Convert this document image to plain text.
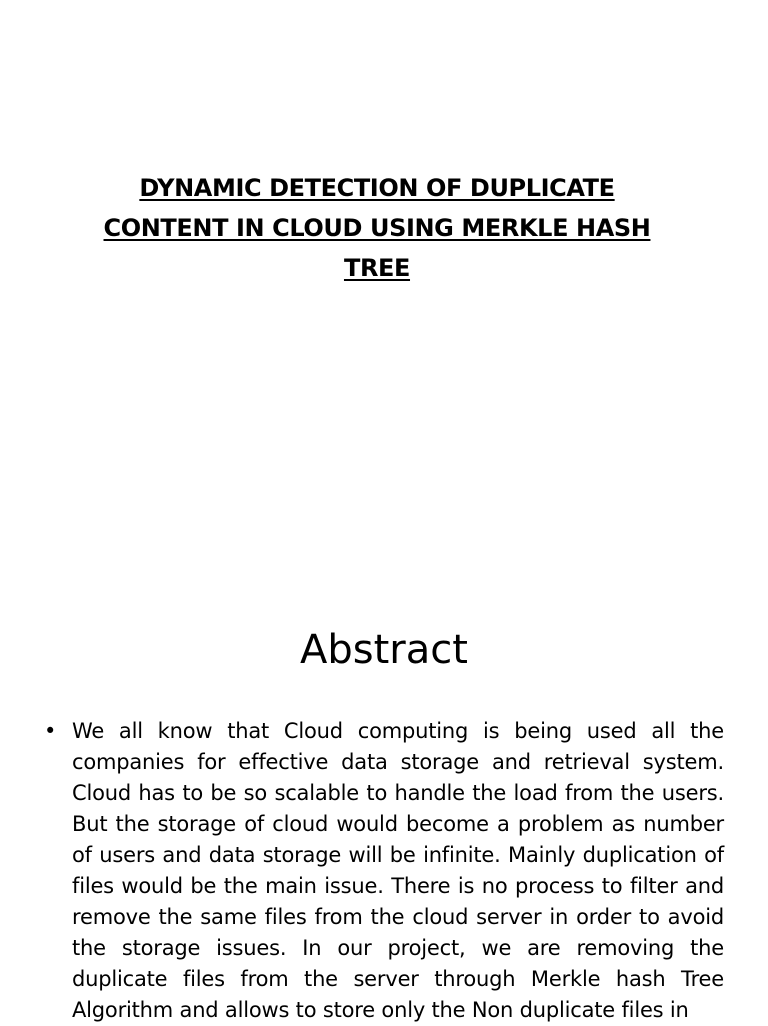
DYNAMIC DETECTION OF DUPLICATE CONTENT IN CLOUD USING MERKLE HASH TREE
Abstract
• We all know that Cloud computing is being used all the companies for effective data storage and retrieval system. Cloud has to be so scalable to handle the load from the users. But the storage of cloud would become a problem as number of users and data storage will be infinite. Mainly duplication of files would be the main issue. There is no process to filter and remove the same files from the cloud server in order to avoid the storage issues. In our project, we are removing the duplicate files from the server through Merkle hash Tree Algorithm and allows to store only the Non duplicate files in
